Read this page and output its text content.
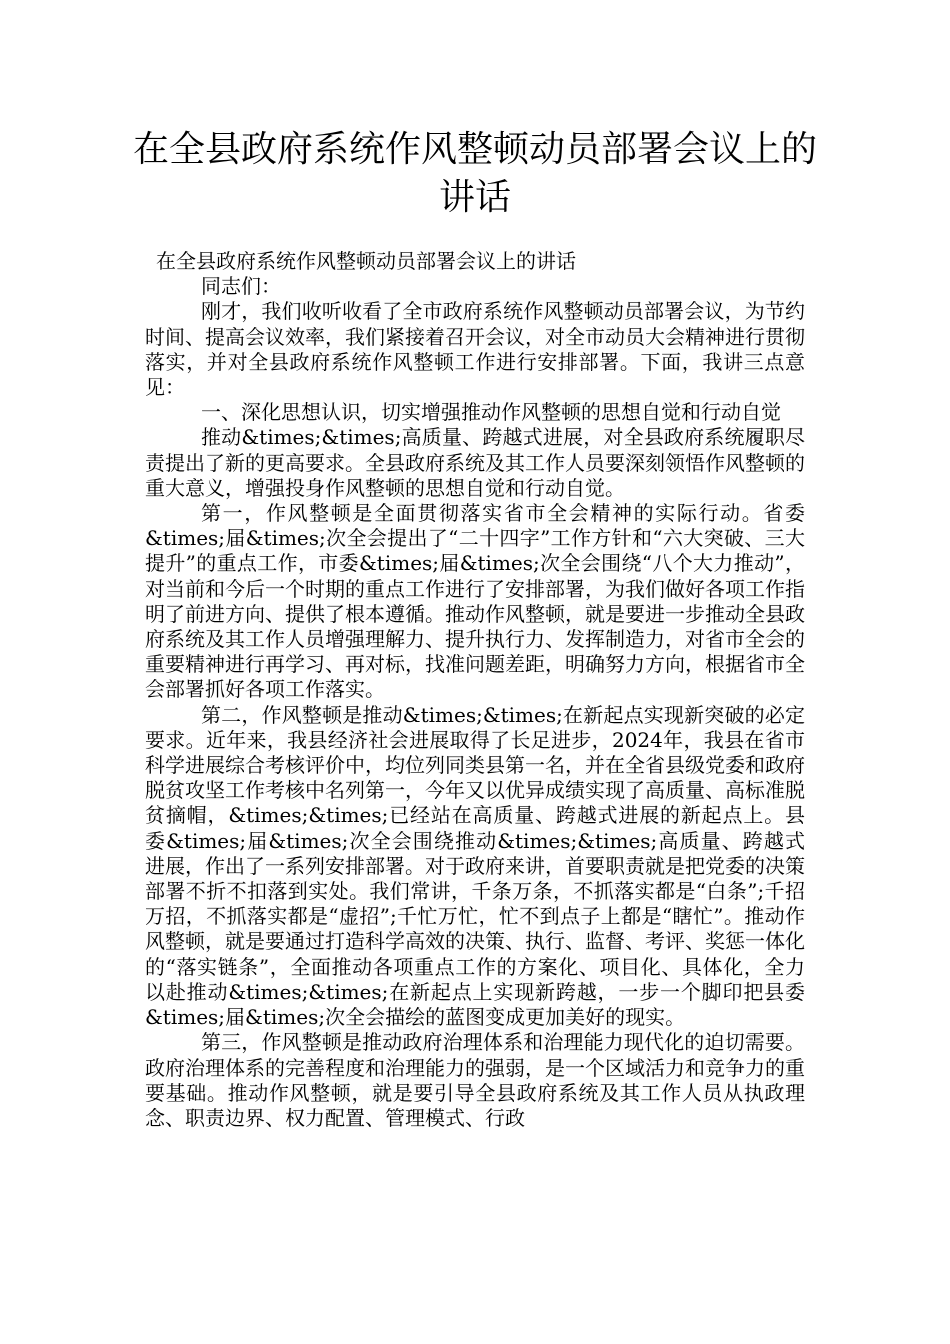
在全县政府系统作风整顿动员部署会议上的讲话

在全县政府系统作风整顿动员部署会议上的讲话

同志们：

刚才，我们收听收看了全市政府系统作风整顿动员部署会议，为节约时间、提高会议效率，我们紧接着召开会议，对全市动员大会精神进行贯彻落实，并对全县政府系统作风整顿工作进行安排部署。下面，我讲三点意见：

一、深化思想认识，切实增强推动作风整顿的思想自觉和行动自觉

推动&times;&times;高质量、跨越式进展，对全县政府系统履职尽责提出了新的更高要求。全县政府系统及其工作人员要深刻领悟作风整顿的重大意义，增强投身作风整顿的思想自觉和行动自觉。

第一，作风整顿是全面贯彻落实省市全会精神的实际行动。省委&times;届&times;次全会提出了“二十四字”工作方针和“六大突破、三大提升”的重点工作，市委&times;届&times;次全会围绕“八个大力推动”，对当前和今后一个时期的重点工作进行了安排部署，为我们做好各项工作指明了前进方向、提供了根本遵循。推动作风整顿，就是要进一步推动全县政府系统及其工作人员增强理解力、提升执行力、发挥制造力，对省市全会的重要精神进行再学习、再对标，找准问题差距，明确努力方向，根据省市全会部署抓好各项工作落实。

第二，作风整顿是推动&times;&times;在新起点实现新突破的必定要求。近年来，我县经济社会进展取得了长足进步，2024年，我县在省市科学进展综合考核评价中，均位列同类县第一名，并在全省县级党委和政府脱贫攻坚工作考核中名列第一，今年又以优异成绩实现了高质量、高标准脱贫摘帽，&times;&times;已经站在高质量、跨越式进展的新起点上。县委&times;届&times;次全会围绕推动&times;&times;高质量、跨越式进展，作出了一系列安排部署。对于政府来讲，首要职责就是把党委的决策部署不折不扣落到实处。我们常讲，千条万条，不抓落实都是“白条”;千招万招，不抓落实都是“虚招”;千忙万忙，忙不到点子上都是“瞎忙”。推动作风整顿，就是要通过打造科学高效的决策、执行、监督、考评、奖惩一体化的“落实链条”，全面推动各项重点工作的方案化、项目化、具体化，全力以赴推动&times;&times;在新起点上实现新跨越，一步一个脚印把县委&times;届&times;次全会描绘的蓝图变成更加美好的现实。

第三，作风整顿是推动政府治理体系和治理能力现代化的迫切需要。政府治理体系的完善程度和治理能力的强弱，是一个区域活力和竞争力的重要基础。推动作风整顿，就是要引导全县政府系统及其工作人员从执政理念、职责边界、权力配置、管理模式、行政
